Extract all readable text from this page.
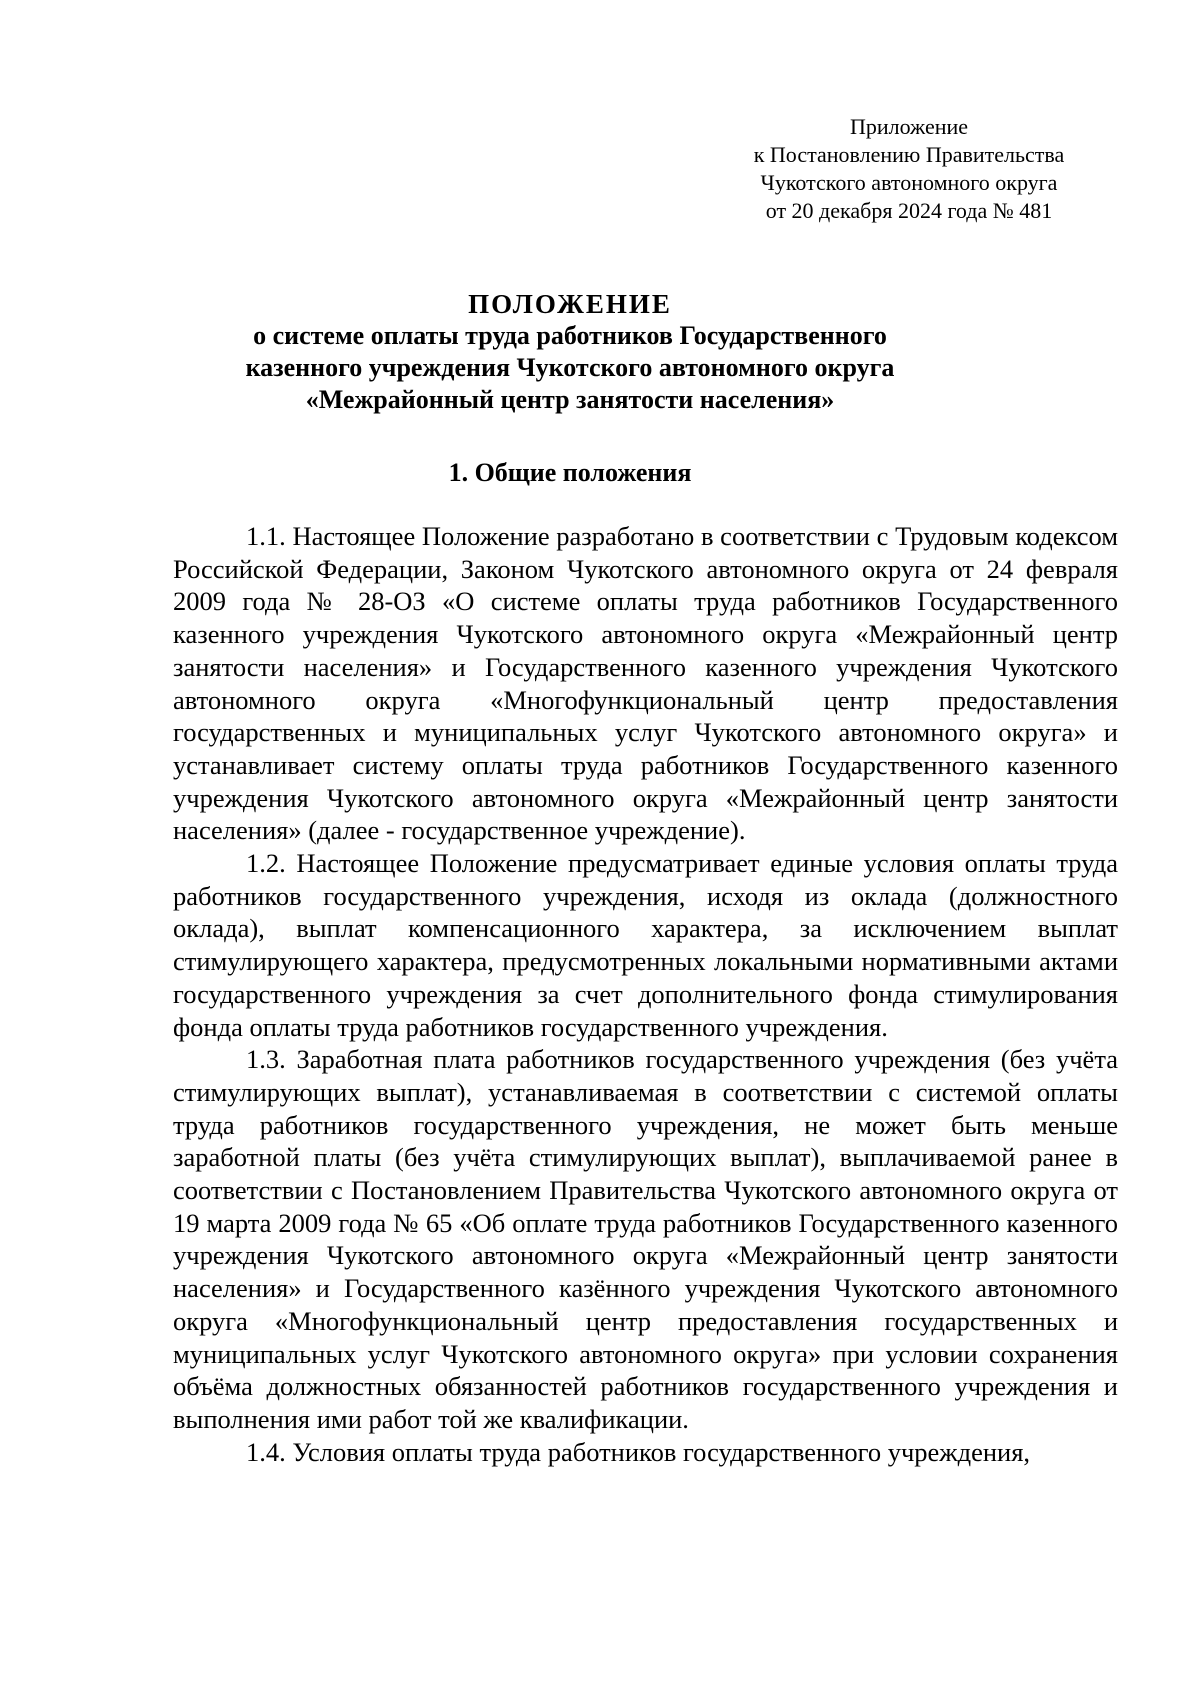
Приложение
к Постановлению Правительства
Чукотского автономного округа
от 20 декабря 2024 года № 481
ПОЛОЖЕНИЕ
о системе оплаты труда работников Государственного
казенного учреждения Чукотского автономного округа
«Межрайонный центр занятости населения»
1. Общие положения

1.1. Настоящее Положение разработано в соответствии с Трудовым кодексом Российской Федерации, Законом Чукотского автономного округа от 24 февраля 2009 года № 28-ОЗ «О системе оплаты труда работников Государственного казенного учреждения Чукотского автономного округа «Межрайонный центр занятости населения» и Государственного казенного учреждения Чукотского автономного округа «Многофункциональный центр предоставления государственных и муниципальных услуг Чукотского автономного округа» и устанавливает систему оплаты труда работников Государственного казенного учреждения Чукотского автономного округа «Межрайонный центр занятости населения» (далее - государственное учреждение).

1.2. Настоящее Положение предусматривает единые условия оплаты труда работников государственного учреждения, исходя из оклада (должностного оклада), выплат компенсационного характера, за исключением выплат стимулирующего характера, предусмотренных локальными нормативными актами государственного учреждения за счет дополнительного фонда стимулирования фонда оплаты труда работников государственного учреждения.

1.3. Заработная плата работников государственного учреждения (без учёта стимулирующих выплат), устанавливаемая в соответствии с системой оплаты труда работников государственного учреждения, не может быть меньше заработной платы (без учёта стимулирующих выплат), выплачиваемой ранее в соответствии с Постановлением Правительства Чукотского автономного округа от 19 марта 2009 года № 65 «Об оплате труда работников Государственного казенного учреждения Чукотского автономного округа «Межрайонный центр занятости населения» и Государственного казённого учреждения Чукотского автономного округа «Многофункциональный центр предоставления государственных и муниципальных услуг Чукотского автономного округа» при условии сохранения объёма должностных обязанностей работников государственного учреждения и выполнения ими работ той же квалификации.

1.4. Условия оплаты труда работников государственного учреждения,
